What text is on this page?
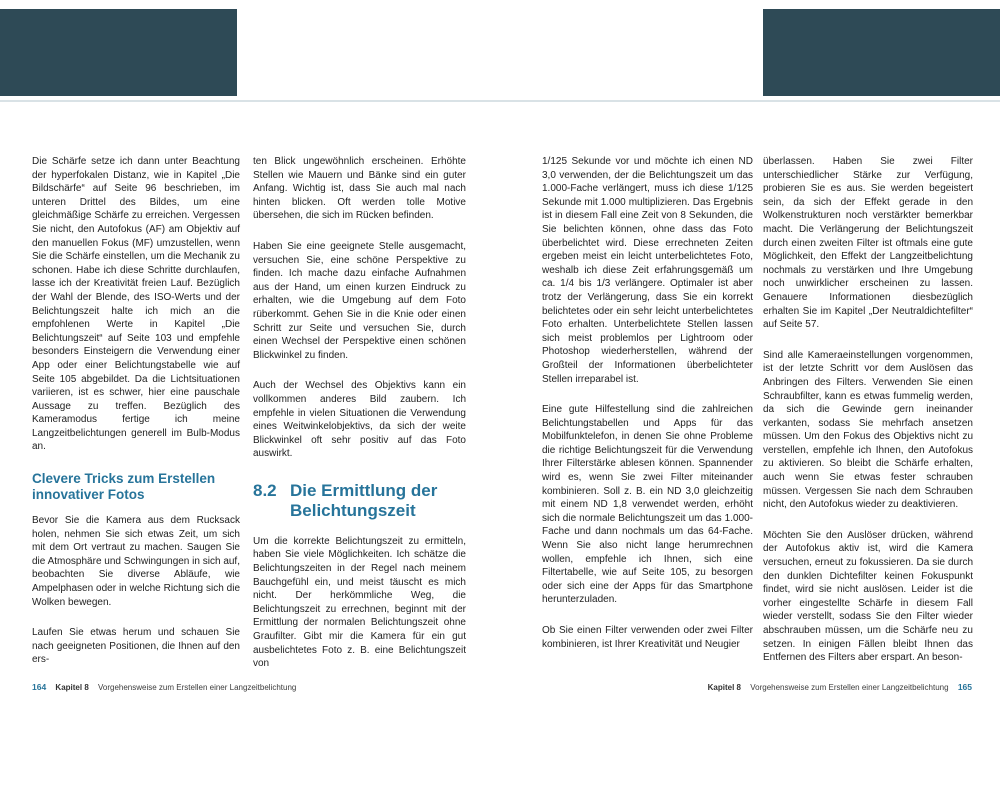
Die Schärfe setze ich dann unter Beachtung der hyperfokalen Distanz, wie in Kapitel „Die Bildschärfe“ auf Seite 96 beschrieben, im unteren Drittel des Bildes, um eine gleichmäßige Schärfe zu erreichen. Vergessen Sie nicht, den Autofokus (AF) am Objektiv auf den manuellen Fokus (MF) umzustellen, wenn Sie die Schärfe einstellen, um die Mechanik zu schonen. Habe ich diese Schritte durchlaufen, lasse ich der Kreativität freien Lauf. Bezüglich der Wahl der Blende, des ISO-Werts und der Belichtungszeit halte ich mich an die empfohlenen Werte in Kapitel „Die Belichtungszeit“ auf Seite 103 und empfehle besonders Einsteigern die Verwendung einer App oder einer Belichtungstabelle wie auf Seite 105 abgebildet. Da die Lichtsituationen variieren, ist es schwer, hier eine pauschale Aussage zu treffen. Bezüglich des Kameramodus fertige ich meine Langzeitbelichtungen generell im Bulb-Modus an.

Clevere Tricks zum Erstellen innovativer Fotos

Bevor Sie die Kamera aus dem Rucksack holen, nehmen Sie sich etwas Zeit, um sich mit dem Ort vertraut zu machen. Saugen Sie die Atmosphäre und Schwingungen in sich auf, beobachten Sie diverse Abläufe, wie Ampelphasen oder in welche Richtung sich die Wolken bewegen.

Laufen Sie etwas herum und schauen Sie nach geeigneten Positionen, die Ihnen auf den ers-

ten Blick ungewöhnlich erscheinen. Erhöhte Stellen wie Mauern und Bänke sind ein guter Anfang. Wichtig ist, dass Sie auch mal nach hinten blicken. Oft werden tolle Motive übersehen, die sich im Rücken befinden.

Haben Sie eine geeignete Stelle ausgemacht, versuchen Sie, eine schöne Perspektive zu finden. Ich mache dazu einfache Aufnahmen aus der Hand, um einen kurzen Eindruck zu erhalten, wie die Umgebung auf dem Foto rüberkommt. Gehen Sie in die Knie oder einen Schritt zur Seite und versuchen Sie, durch einen Wechsel der Perspektive einen schönen Blickwinkel zu finden.

Auch der Wechsel des Objektivs kann ein vollkommen anderes Bild zaubern. Ich empfehle in vielen Situationen die Verwendung eines Weitwinkelobjektivs, da sich der weite Blickwinkel oft sehr positiv auf das Foto auswirkt.

8.2 Die Ermittlung der Belichtungszeit

Um die korrekte Belichtungszeit zu ermitteln, haben Sie viele Möglichkeiten. Ich schätze die Belichtungszeiten in der Regel nach meinem Bauchgefühl ein, und meist täuscht es mich nicht. Der herkömmliche Weg, die Belichtungszeit zu errechnen, beginnt mit der Ermittlung der normalen Belichtungszeit ohne Graufilter. Gibt mir die Kamera für ein gut ausbelichtetes Foto z. B. eine Belichtungszeit von

164 Kapitel 8 Vorgehensweise zum Erstellen einer Langzeitbelichtung

1/125 Sekunde vor und möchte ich einen ND 3,0 verwenden, der die Belichtungszeit um das 1.000-Fache verlängert, muss ich diese 1/125 Sekunde mit 1.000 multiplizieren. Das Ergebnis ist in diesem Fall eine Zeit von 8 Sekunden, die Sie belichten können, ohne dass das Foto überbelichtet wird. Diese errechneten Zeiten ergeben meist ein leicht unterbelichtetes Foto, weshalb ich diese Zeit erfahrungsgemäß um ca. 1/4 bis 1/3 verlängere. Optimaler ist aber trotz der Verlängerung, dass Sie ein korrekt belichtetes oder ein sehr leicht unterbelichtetes Foto erhalten. Unterbelichtete Stellen lassen sich meist problemlos per Lightroom oder Photoshop wiederherstellen, während der Großteil der Informationen überbelichteter Stellen irreparabel ist.

Eine gute Hilfestellung sind die zahlreichen Belichtungstabellen und Apps für das Mobilfunktelefon, in denen Sie ohne Probleme die richtige Belichtungszeit für die Verwendung Ihrer Filterstärke ablesen können. Spannender wird es, wenn Sie zwei Filter miteinander kombinieren. Soll z. B. ein ND 3,0 gleichzeitig mit einem ND 1,8 verwendet werden, erhöht sich die normale Belichtungszeit um das 1.000-Fache und dann nochmals um das 64-Fache. Wenn Sie also nicht lange herumrechnen wollen, empfehle ich Ihnen, sich eine Filtertabelle, wie auf Seite 105, zu besorgen oder sich eine der Apps für das Smartphone herunterzuladen.

Ob Sie einen Filter verwenden oder zwei Filter kombinieren, ist Ihrer Kreativität und Neugier

überlassen. Haben Sie zwei Filter unterschiedlicher Stärke zur Verfügung, probieren Sie es aus. Sie werden begeistert sein, da sich der Effekt gerade in den Wolkenstrukturen noch verstärkter bemerkbar macht. Die Verlängerung der Belichtungszeit durch einen zweiten Filter ist oftmals eine gute Möglichkeit, den Effekt der Langzeitbelichtung nochmals zu verstärken und Ihre Umgebung noch unwirklicher erscheinen zu lassen. Genauere Informationen diesbezüglich erhalten Sie im Kapitel „Der Neutraldichtefilter“ auf Seite 57.

Sind alle Kameraeinstellungen vorgenommen, ist der letzte Schritt vor dem Auslösen das Anbringen des Filters. Verwenden Sie einen Schraubfilter, kann es etwas fummelig werden, da sich die Gewinde gern ineinander verkanten, sodass Sie mehrfach ansetzen müssen. Um den Fokus des Objektivs nicht zu verstellen, empfehle ich Ihnen, den Autofokus zu aktivieren. So bleibt die Schärfe erhalten, auch wenn Sie etwas fester schrauben müssen. Vergessen Sie nach dem Schrauben nicht, den Autofokus wieder zu deaktivieren.

Möchten Sie den Auslöser drücken, während der Autofokus aktiv ist, wird die Kamera versuchen, erneut zu fokussieren. Da sie durch den dunklen Dichtefilter keinen Fokuspunkt findet, wird sie nicht auslösen. Leider ist die vorher eingestellte Schärfe in diesem Fall wieder verstellt, sodass Sie den Filter wieder abschrauben müssen, um die Schärfe neu zu setzen. In einigen Fällen bleibt Ihnen das Entfernen des Filters aber erspart. An beson-

Kapitel 8 Vorgehensweise zum Erstellen einer Langzeitbelichtung 165
